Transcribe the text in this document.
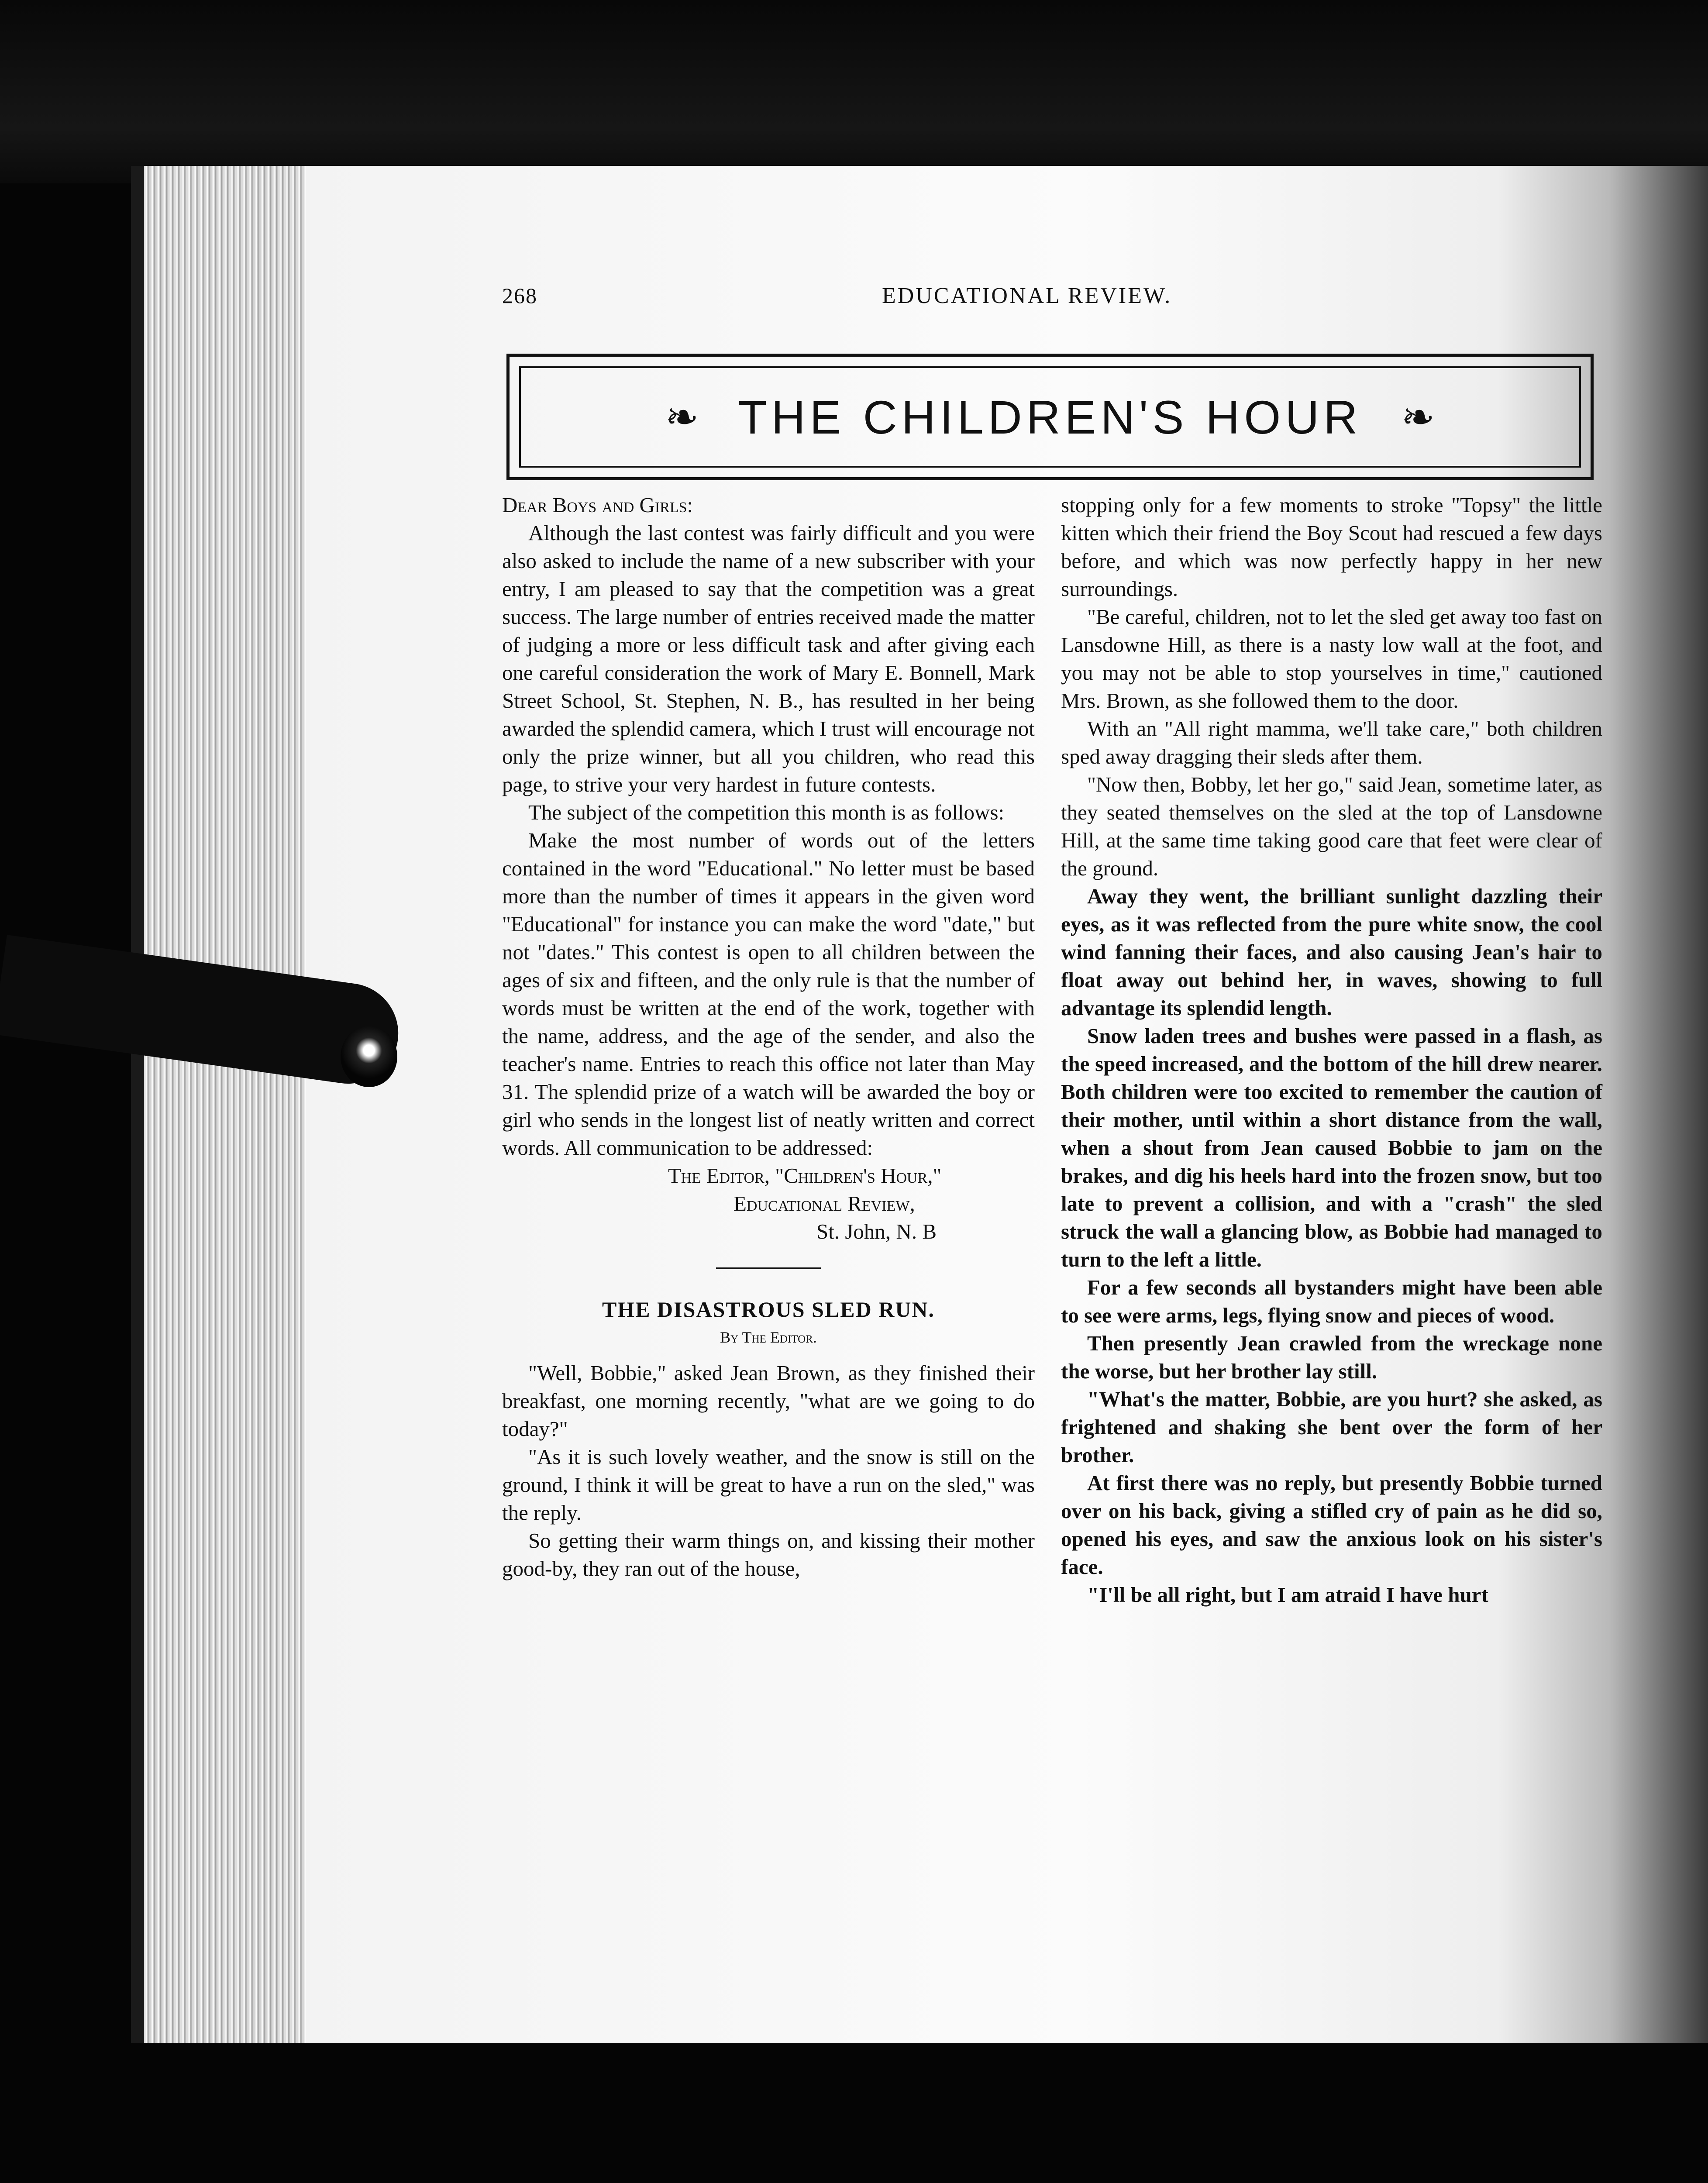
268	EDUCATIONAL REVIEW.
❧ THE CHILDREN'S HOUR ❧

Dear Boys and Girls:

Although the last contest was fairly difficult and you were also asked to include the name of a new subscriber with your entry, I am pleased to say that the competition was a great success. The large number of entries received made the matter of judging a more or less difficult task and after giving each one careful consideration the work of Mary E. Bonnell, Mark Street School, St. Stephen, N. B., has resulted in her being awarded the splendid camera, which I trust will encourage not only the prize winner, but all you children, who read this page, to strive your very hardest in future contests.

The subject of the competition this month is as follows:

Make the most number of words out of the letters contained in the word "Educational." No letter must be based more than the number of times it appears in the given word "Educational" for instance you can make the word "date," but not "dates." This contest is open to all children between the ages of six and fifteen, and the only rule is that the number of words must be written at the end of the work, together with the name, address, and the age of the sender, and also the teacher's name. Entries to reach this office not later than May 31. The splendid prize of a watch will be awarded the boy or girl who sends in the longest list of neatly written and correct words. All communication to be addressed:

The Editor, "Children's Hour,"

Educational Review,

St. John, N. B

THE DISASTROUS SLED RUN.

By The Editor.

"Well, Bobbie," asked Jean Brown, as they finished their breakfast, one morning recently, "what are we going to do today?"

"As it is such lovely weather, and the snow is still on the ground, I think it will be great to have a run on the sled," was the reply.

So getting their warm things on, and kissing their mother good-by, they ran out of the house,

stopping only for a few moments to stroke "Topsy" the little kitten which their friend the Boy Scout had rescued a few days before, and which was now perfectly happy in her new surroundings.

"Be careful, children, not to let the sled get away too fast on Lansdowne Hill, as there is a nasty low wall at the foot, and you may not be able to stop yourselves in time," cautioned Mrs. Brown, as she followed them to the door.

With an "All right mamma, we'll take care," both children sped away dragging their sleds after them.

"Now then, Bobby, let her go," said Jean, sometime later, as they seated themselves on the sled at the top of Lansdowne Hill, at the same time taking good care that feet were clear of the ground.

Away they went, the brilliant sunlight dazzling their eyes, as it was reflected from the pure white snow, the cool wind fanning their faces, and also causing Jean's hair to float away out behind her, in waves, showing to full advantage its splendid length.

Snow laden trees and bushes were passed in a flash, as the speed increased, and the bottom of the hill drew nearer. Both children were too excited to remember the caution of their mother, until within a short distance from the wall, when a shout from Jean caused Bobbie to jam on the brakes, and dig his heels hard into the frozen snow, but too late to prevent a collision, and with a "crash" the sled struck the wall a glancing blow, as Bobbie had managed to turn to the left a little.

For a few seconds all bystanders might have been able to see were arms, legs, flying snow and pieces of wood.

Then presently Jean crawled from the wreckage none the worse, but her brother lay still.

"What's the matter, Bobbie, are you hurt? she asked, as frightened and shaking she bent over the form of her brother.

At first there was no reply, but presently Bobbie turned over on his back, giving a stifled cry of pain as he did so, opened his eyes, and saw the anxious look on his sister's face.

"I'll be all right, but I am atraid I have hurt
